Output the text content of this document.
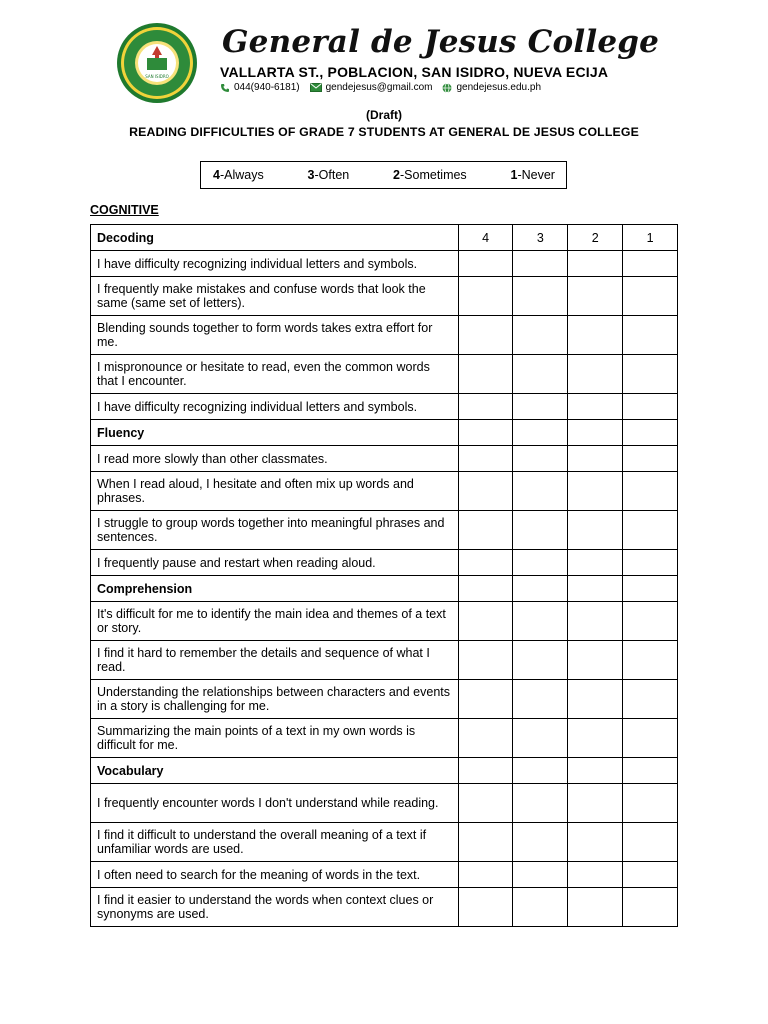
SAN ISIDRO
General de Jesus College
VALLARTA ST., POBLACION, SAN ISIDRO, NUEVA ECIJA
044(940-6181)	gendejesus@gmail.com gendejesus.edu.ph
(Draft)
READING DIFFICULTIES OF GRADE 7 STUDENTS AT GENERAL DE JESUS COLLEGE
4-Always	3-Often	2-Sometimes	1-Never
COGNITIVE
Decoding	4	3	2	1
I have difficulty recognizing individual letters and symbols.				
I frequently make mistakes and confuse words that look the same (same set of letters).				
Blending sounds together to form words takes extra effort for me.				
I mispronounce or hesitate to read, even the common words that I encounter.				
I have difficulty recognizing individual letters and symbols.				
Fluency				
I read more slowly than other classmates.				
When I read aloud, I hesitate and often mix up words and phrases.				
I struggle to group words together into meaningful phrases and sentences.				
I frequently pause and restart when reading aloud.				
Comprehension				
It's difficult for me to identify the main idea and themes of a text or story.				
I find it hard to remember the details and sequence of what I read.				
Understanding the relationships between characters and events in a story is challenging for me.				
Summarizing the main points of a text in my own words is difficult for me.				
Vocabulary				
I frequently encounter words I don't understand while reading.				
I find it difficult to understand the overall meaning of a text if unfamiliar words are used.				
I often need to search for the meaning of words in the text.				
I find it easier to understand the words when context clues or synonyms are used.				
